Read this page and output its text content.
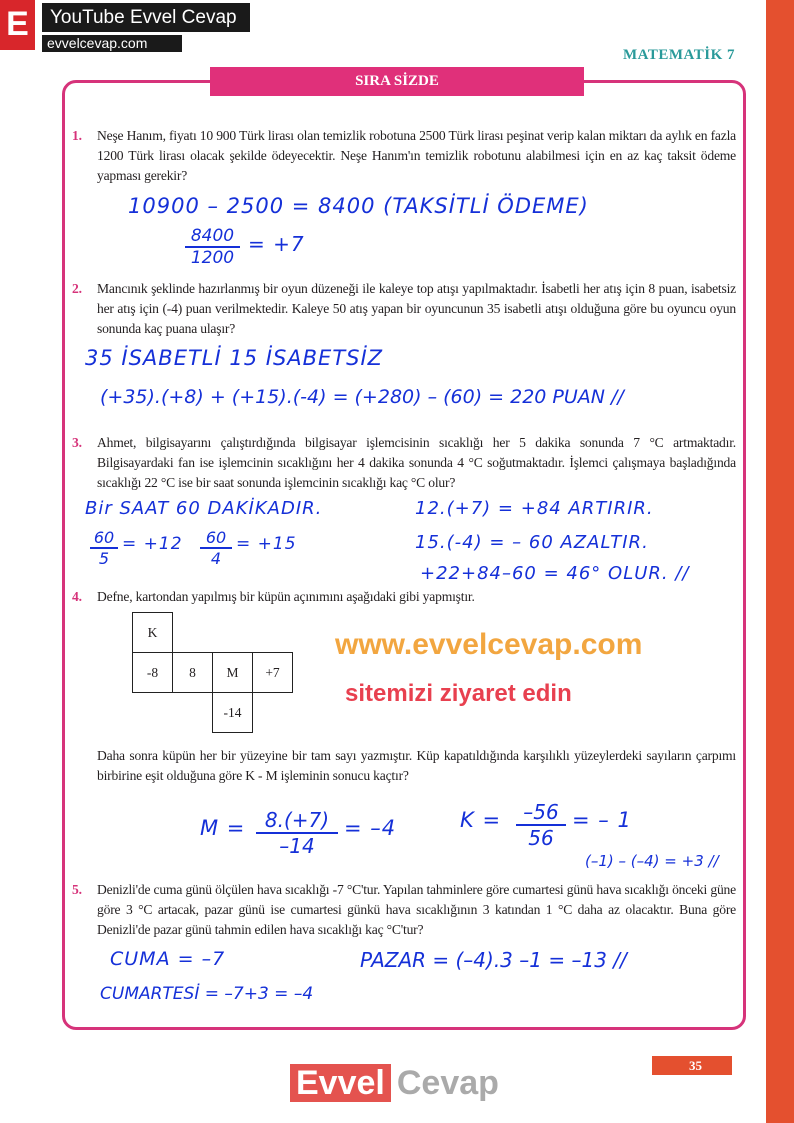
E	YouTube Evvel Cevap
evvelcevap.com
MATEMATİK 7
SIRA SİZDE
www.evvelcevap.com
sitemizi ziyaret edin
1. Neşe Hanım, fiyatı 10 900 Türk lirası olan temizlik robotuna 2500 Türk lirası peşinat verip kalan miktarı da aylık en fazla 1200 Türk lirası olacak şekilde ödeyecektir. Neşe Hanım'ın temizlik robotunu alabilmesi için en az kaç taksit ödeme yapması gerekir?
2. Mancınık şeklinde hazırlanmış bir oyun düzeneği ile kaleye top atışı yapılmaktadır. İsabetli her atış için 8 puan, isabetsiz her atış için (-4) puan verilmektedir. Kaleye 50 atış yapan bir oyuncunun 35 isabetli atışı olduğuna göre bu oyuncu oyun sonunda kaç puana ulaşır?
3. Ahmet, bilgisayarını çalıştırdığında bilgisayar işlemcisinin sıcaklığı her 5 dakika sonunda 7 °C artmaktadır. Bilgisayardaki fan ise işlemcinin sıcaklığını her 4 dakika sonunda 4 °C soğutmaktadır. İşlemci çalışmaya başladığında sıcaklığı 22 °C ise bir saat sonunda işlemcinin sıcaklığı kaç °C olur?
4. Defne, kartondan yapılmış bir küpün açınımını aşağıdaki gibi yapmıştır.
Daha sonra küpün her bir yüzeyine bir tam sayı yazmıştır. Küp kapatıldığında karşılıklı yüzeylerdeki sayıların çarpımı birbirine eşit olduğuna göre K - M işleminin sonucu kaçtır?
5. Denizli'de cuma günü ölçülen hava sıcaklığı -7 °C'tur. Yapılan tahminlere göre cumartesi günü hava sıcaklığı önceki güne göre 3 °C artacak, pazar günü ise cumartesi günkü hava sıcaklığının 3 katından 1 °C daha az olacaktır. Buna göre Denizli'de pazar günü tahmin edilen hava sıcaklığı kaç °C'tur?
K			
-8	8	M	+7
		-14	
10900 – 2500 = 8400 (TAKSİTLİ ÖDEME)
$\frac{8400}{1200} = +7$
35 İSABETLİ 15 İSABETSİZ
(+35).(+8) + (+15).(-4) = (+280) – (60) = 220 PUAN //
Bir SAAT 60 DAKİKADIR.	12.(+7) = +84 ARTIRIR.
$\frac{60}{5} = +12 \frac{60}{4} = +15$	15.(-4) = – 60 AZALTIR.
+22+84–60 = 46° OLUR. //
$M = \frac{8.(+7)}{-14} = -4$	$K = \frac{-56}{56}$ = – 1
(–1) – (–4) = +3 //
CUMA = –7	PAZAR = (–4).3 –1 = –13 //
CUMARTESİ = –7+3 = –4
35
Evvel Cevap
